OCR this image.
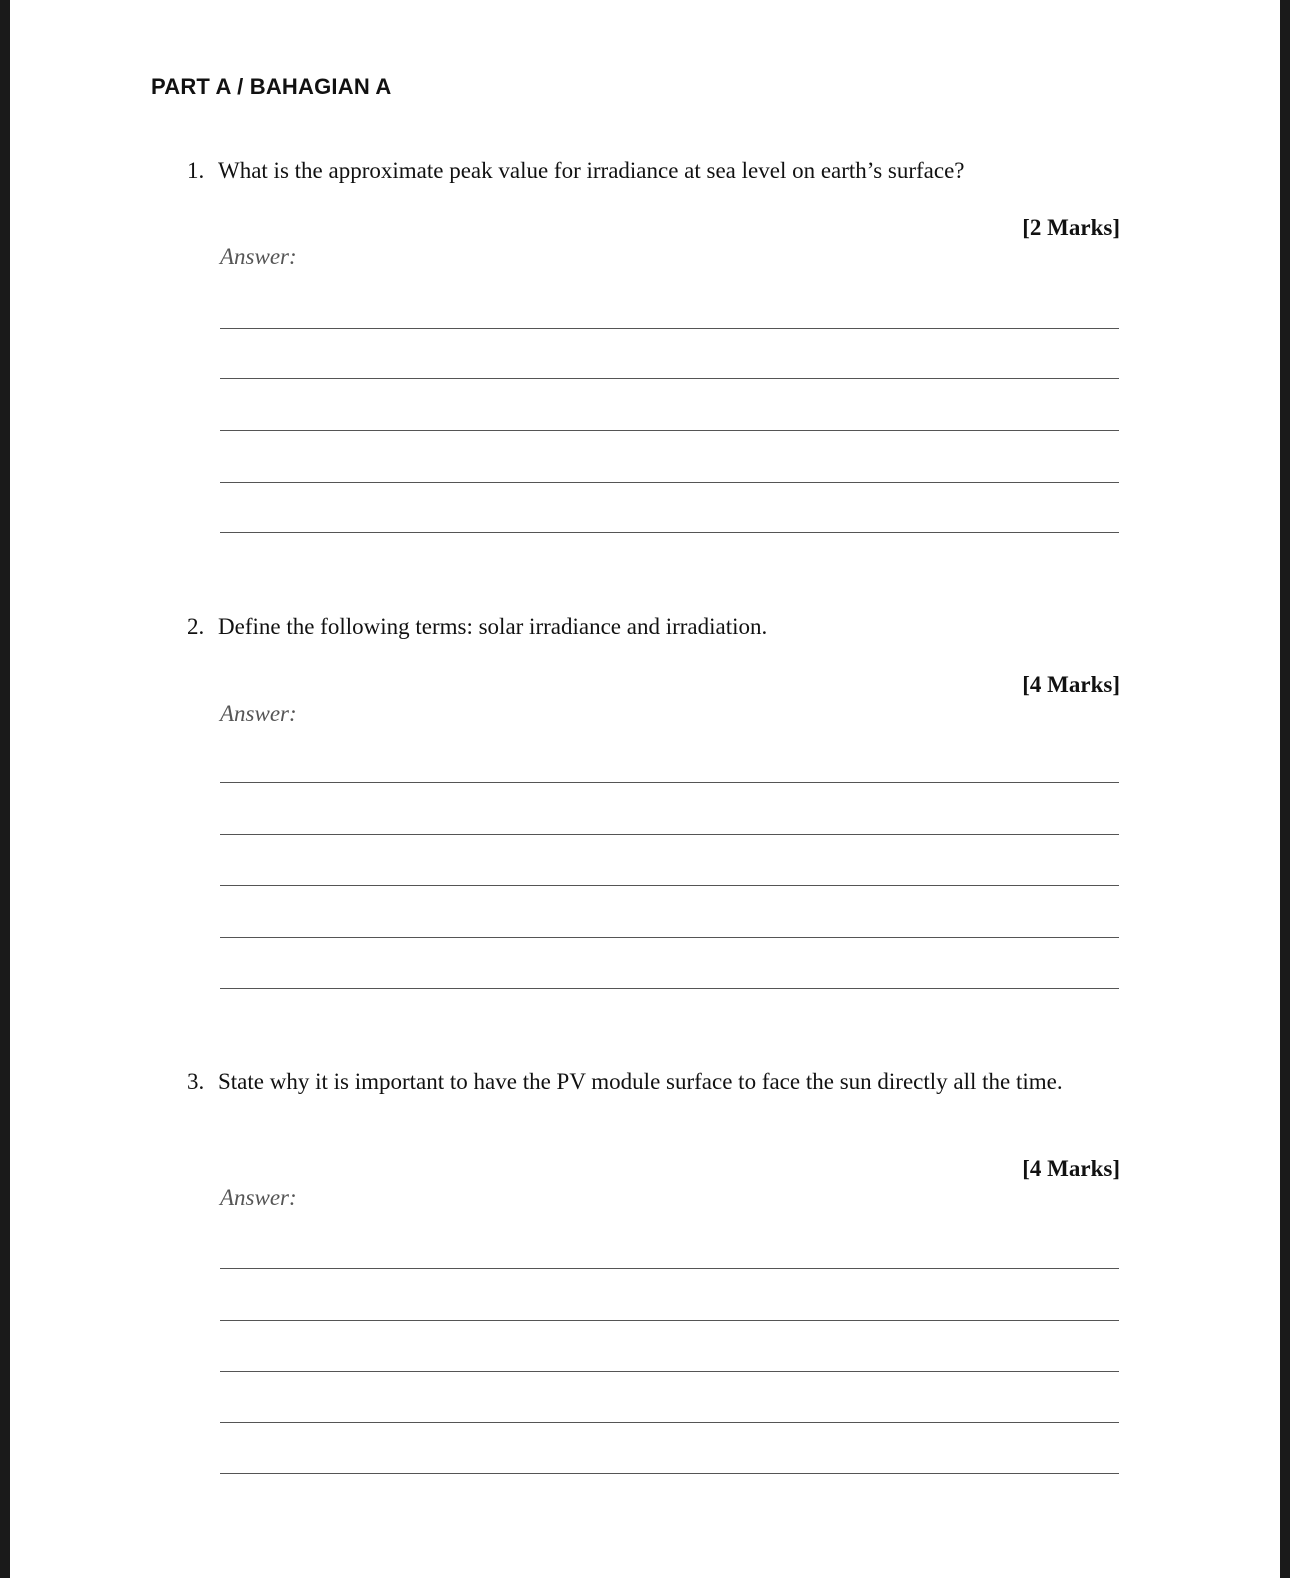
PART A / BAHAGIAN A
1. What is the approximate peak value for irradiance at sea level on earth’s surface?
[2 Marks]
Answer:
2. Define the following terms: solar irradiance and irradiation.
[4 Marks]
Answer:
3. State why it is important to have the PV module surface to face the sun directly all the time.
[4 Marks]
Answer:
